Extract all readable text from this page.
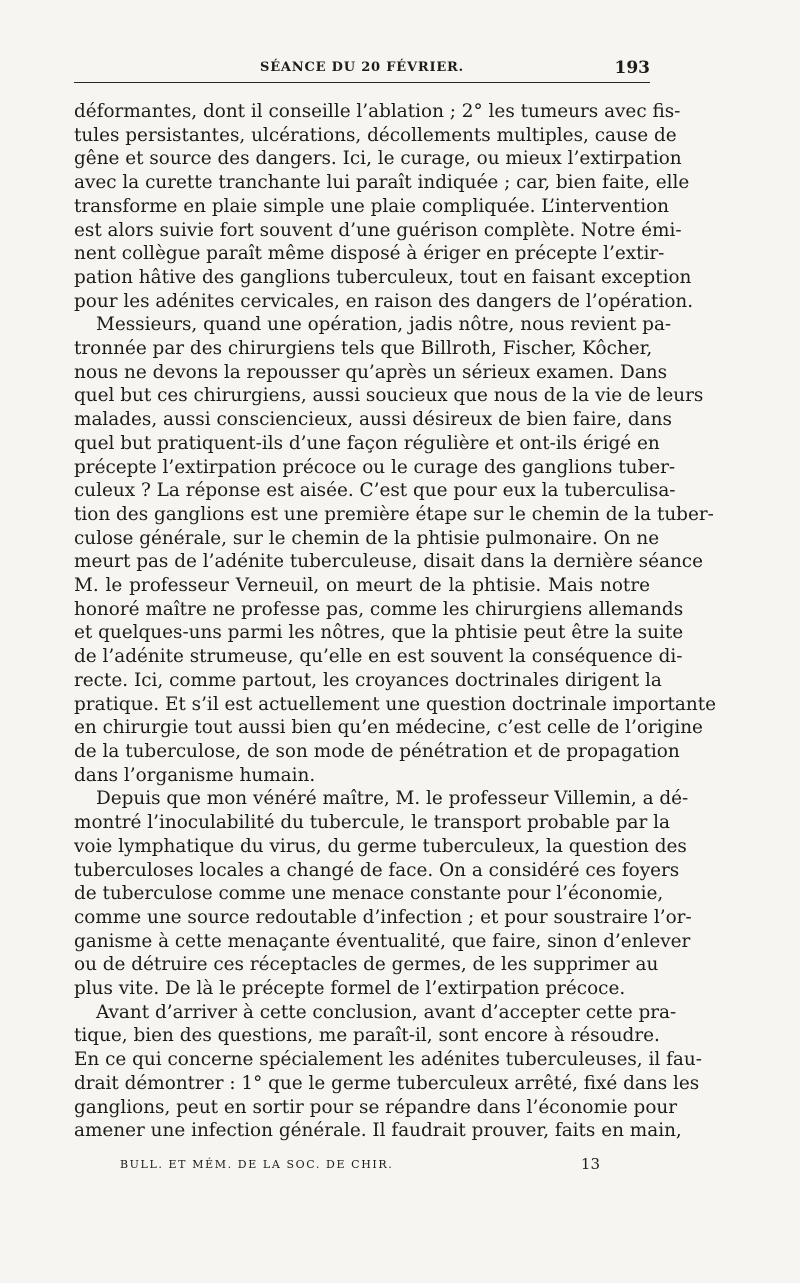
SÉANCE DU 20 FÉVRIER.	193
déformantes, dont il conseille l’ablation ; 2° les tumeurs avec fis-
tules persistantes, ulcérations, décollements multiples, cause de
gêne et source des dangers. Ici, le curage, ou mieux l’extirpation
avec la curette tranchante lui paraît indiquée ; car, bien faite, elle
transforme en plaie simple une plaie compliquée. L’intervention
est alors suivie fort souvent d’une guérison complète. Notre émi-
nent collègue paraît même disposé à ériger en précepte l’extir-
pation hâtive des ganglions tuberculeux, tout en faisant exception
pour les adénites cervicales, en raison des dangers de l’opération.
Messieurs, quand une opération, jadis nôtre, nous revient pa-
tronnée par des chirurgiens tels que Billroth, Fischer, Kôcher,
nous ne devons la repousser qu’après un sérieux examen. Dans
quel but ces chirurgiens, aussi soucieux que nous de la vie de leurs
malades, aussi consciencieux, aussi désireux de bien faire, dans
quel but pratiquent-ils d’une façon régulière et ont-ils érigé en
précepte l’extirpation précoce ou le curage des ganglions tuber-
culeux ? La réponse est aisée. C’est que pour eux la tuberculisa-
tion des ganglions est une première étape sur le chemin de la tuber-
culose générale, sur le chemin de la phtisie pulmonaire. On ne
meurt pas de l’adénite tuberculeuse, disait dans la dernière séance
M. le professeur Verneuil, on meurt de la phtisie. Mais notre
honoré maître ne professe pas, comme les chirurgiens allemands
et quelques-uns parmi les nôtres, que la phtisie peut être la suite
de l’adénite strumeuse, qu’elle en est souvent la conséquence di-
recte. Ici, comme partout, les croyances doctrinales dirigent la
pratique. Et s’il est actuellement une question doctrinale importante
en chirurgie tout aussi bien qu’en médecine, c’est celle de l’origine
de la tuberculose, de son mode de pénétration et de propagation
dans l’organisme humain.
Depuis que mon vénéré maître, M. le professeur Villemin, a dé-
montré l’inoculabilité du tubercule, le transport probable par la
voie lymphatique du virus, du germe tuberculeux, la question des
tuberculoses locales a changé de face. On a considéré ces foyers
de tuberculose comme une menace constante pour l’économie,
comme une source redoutable d’infection ; et pour soustraire l’or-
ganisme à cette menaçante éventualité, que faire, sinon d’enlever
ou de détruire ces réceptacles de germes, de les supprimer au
plus vite. De là le précepte formel de l’extirpation précoce.
Avant d’arriver à cette conclusion, avant d’accepter cette pra-
tique, bien des questions, me paraît-il, sont encore à résoudre.
En ce qui concerne spécialement les adénites tuberculeuses, il fau-
drait démontrer : 1° que le germe tuberculeux arrêté, fixé dans les
ganglions, peut en sortir pour se répandre dans l’économie pour
amener une infection générale. Il faudrait prouver, faits en main,
BULL. ET MÉM. DE LA SOC. DE CHIR.	13
